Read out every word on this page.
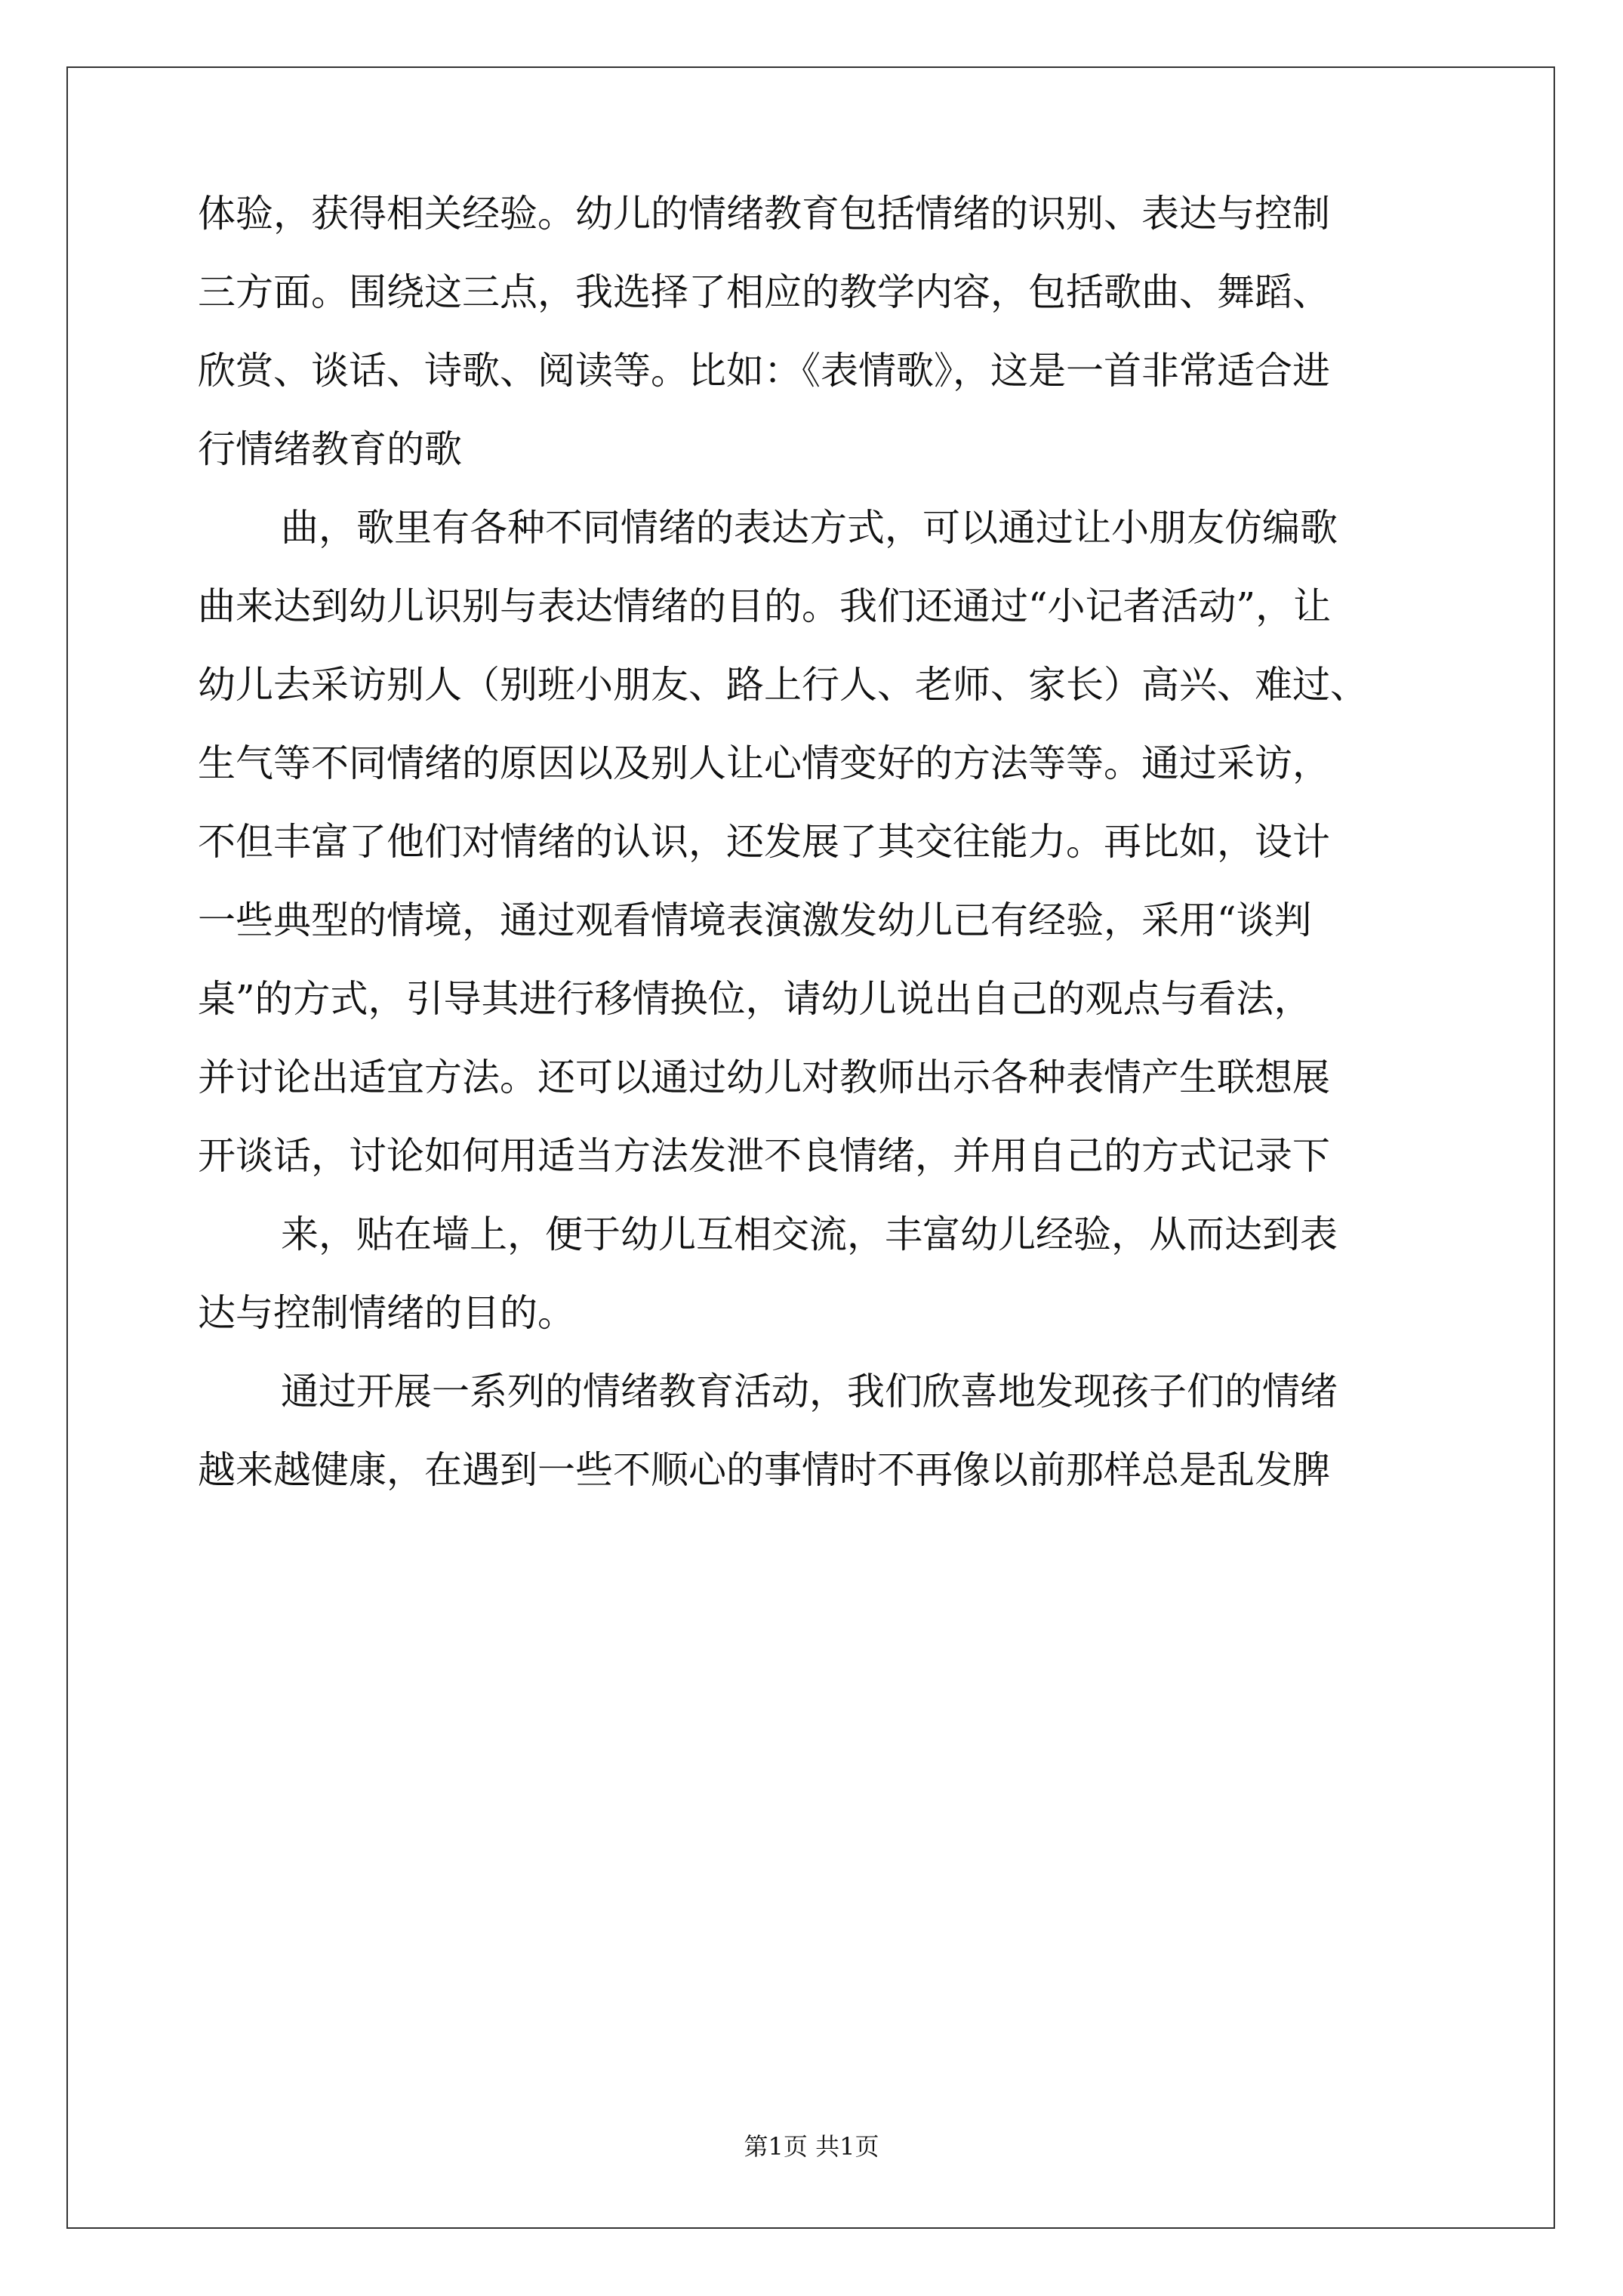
体验，获得相关经验。幼儿的情绪教育包括情绪的识别、表达与控制
三方面。围绕这三点，我选择了相应的教学内容，包括歌曲、舞蹈、
欣赏、谈话、诗歌、阅读等。比如：《表情歌》，这是一首非常适合进
行情绪教育的歌
曲，歌里有各种不同情绪的表达方式，可以通过让小朋友仿编歌
曲来达到幼儿识别与表达情绪的目的。我们还通过“小记者活动”，让
幼儿去采访别人（别班小朋友、路上行人、老师、家长）高兴、难过、
生气等不同情绪的原因以及别人让心情变好的方法等等。通过采访，
不但丰富了他们对情绪的认识，还发展了其交往能力。再比如，设计
一些典型的情境，通过观看情境表演激发幼儿已有经验，采用“谈判
桌”的方式，引导其进行移情换位，请幼儿说出自己的观点与看法，
并讨论出适宜方法。还可以通过幼儿对教师出示各种表情产生联想展
开谈话，讨论如何用适当方法发泄不良情绪，并用自己的方式记录下
来，贴在墙上，便于幼儿互相交流，丰富幼儿经验，从而达到表
达与控制情绪的目的。
通过开展一系列的情绪教育活动，我们欣喜地发现孩子们的情绪
越来越健康，在遇到一些不顺心的事情时不再像以前那样总是乱发脾
第1页 共1页
